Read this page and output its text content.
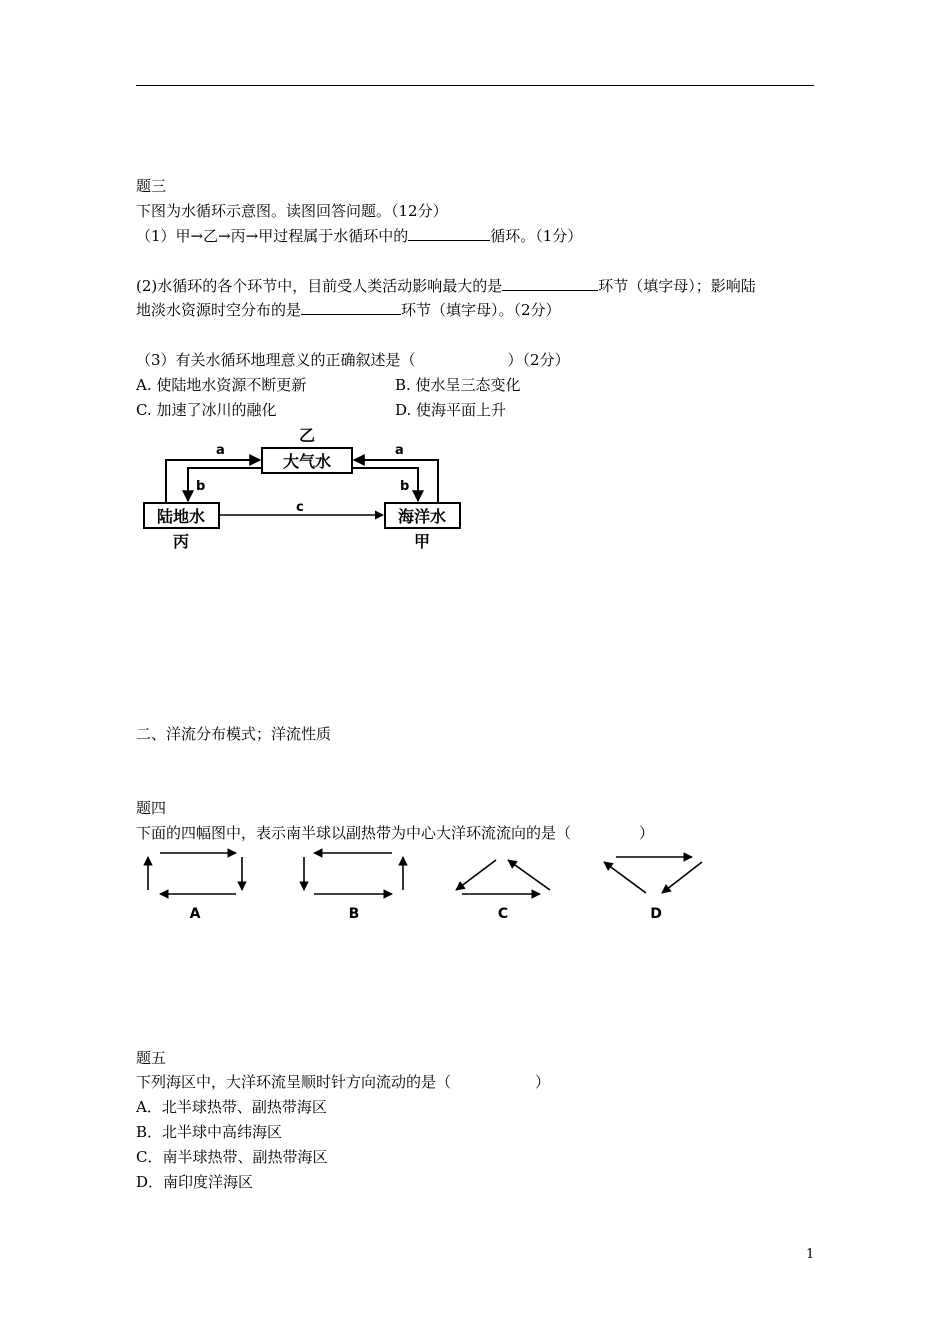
题三
下图为水循环示意图。读图回答问题。（12分）
（1）甲→乙→丙→甲过程属于水循环中的	循环。（1分）
(2)水循环的各个环节中，目前受人类活动影响最大的是	环节（填字母）；影响陆
地淡水资源时空分布的是	环节（填字母）。（2分）
（3）有关水循环地理意义的正确叙述是（	）（2分）
A. 使陆地水资源不断更新	B. 使水呈三态变化
C. 加速了冰川的融化	D. 使海平面上升
大气水
乙
陆地水
丙
海洋水
甲
a	a
b	b
c
A	B	C	D
二、洋流分布模式；洋流性质
题四
下面的四幅图中，表示南半球以副热带为中心大洋环流流向的是（	）
题五
下列海区中，大洋环流呈顺时针方向流动的是（	）
A．北半球热带、副热带海区
B．北半球中高纬海区
C．南半球热带、副热带海区
D．南印度洋海区
1
